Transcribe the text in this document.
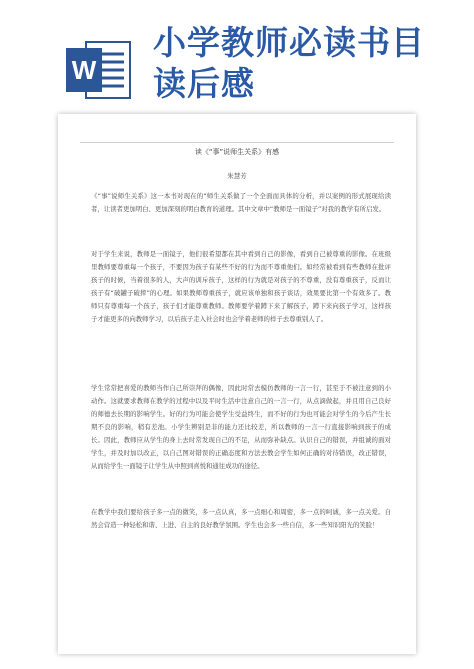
W
小学教师必读书目读后感
读《“事”说师生关系》有感
朱慧芳
《“事”说师生关系》这一本书对现在的“师生关系做了一个全面而具体的分析，并以案例的形式展现给读者，让读者更加明白、更加深刻的明白教育的道理。其中文章中“教师是一面镜子”对我的教学有所启发。
对于学生来说，教师是一面镜子，他们很希望都在其中看到自己的影像，看到自己被尊重的影像。在班级里教师要尊重每一个孩子，不要因为孩子有某些不好的行为而不尊重他们。如经常被看到有些教师在批评孩子的时候，当着很多的人，大声的训斥孩子，这样的行为就是对孩子的不尊重，没有尊重孩子，反而让孩子有“破罐子破摔”的心理。如果教师尊重孩子，就应该单独和孩子谈话，效果要比第一个有效多了。教师只有尊重每一个孩子，孩子们才能尊重教师。教师要学着蹲下来了解孩子，蹲下来向孩子学习，这样孩子才能更多的向教师学习，以后孩子走入社会时也会学着老师的样子去尊重别人了。
学生常常把喜爱的教师当作自己所崇拜的偶像，因此时常去模仿教师的一言一行，甚至于不被注意到的小动作。这就要求教师在教学的过程中以及平时生活中注意自己的一言一行，从点滴做起，并且用自己良好的师德去长期的影响学生。好的行为可能会使学生受益终生，而不好的行为也可能会对学生的今后产生长期不良的影响，稍有差池。小学生辨别是非的能力还比较差，所以教师的一言一行直接影响到孩子的成长。因此，教师应从学生的身上去时常发现自己的不足，从而弥补缺点。认识自己的错误，并组诚的面对学生，并及时加以改正，以自己图对错误的正确态度和方法去教会学生如何正确的对待错误，改正错误，从而给学生一面镜子让学生从中照到喜悦和通往成功的途径。
在教学中我们要给孩子多一点的微笑，多一点认真，多一点细心和周密，多一点的呵诚，多一点关爱。自然会营造一种轻松和谐、上进、自主的良好教学氛围。学生也会多一些自信，多一些知识阳光的笑脸！
